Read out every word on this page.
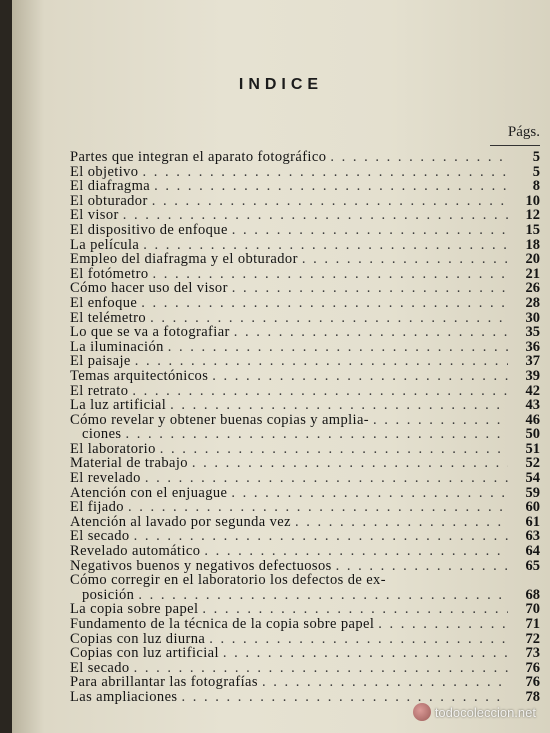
INDICE
Págs.
Partes que integran el aparato fotográfico . . .	5
El objetivo . . .	5
El diafragma . . .	8
El obturador . . .	10
El visor . . .	12
El dispositivo de enfoque . . .	15
La película . . .	18
Empleo del diafragma y el obturador . . .	20
El fotómetro . . .	21
Cómo hacer uso del visor . . .	26
El enfoque . . .	28
El telémetro . . .	30
Lo que se va a fotografiar . . .	35
La iluminación . . .	36
El paisaje . . .	37
Temas arquitectónicos . . .	39
El retrato . . .	42
La luz artificial . . .	43
Cómo revelar y obtener buenas copias y amplia- . . .	46
ciones . . .	50
El laboratorio . . .	51
Material de trabajo . . .	52
El revelado . . .	54
Atención con el enjuague . . .	59
El fijado . . .	60
Atención al lavado por segunda vez . . .	61
El secado . . .	63
Revelado automático . . .	64
Negativos buenos y negativos defectuosos . . .	65
Cómo corregir en el laboratorio los defectos de ex-
posición . . .	68
La copia sobre papel . . .	70
Fundamento de la técnica de la copia sobre papel . . .	71
Copias con luz diurna . . .	72
Copias con luz artificial . . .	73
El secado . . .	76
Para abrillantar las fotografías . . .	76
Las ampliaciones . . .	78
todocoleccion.net
